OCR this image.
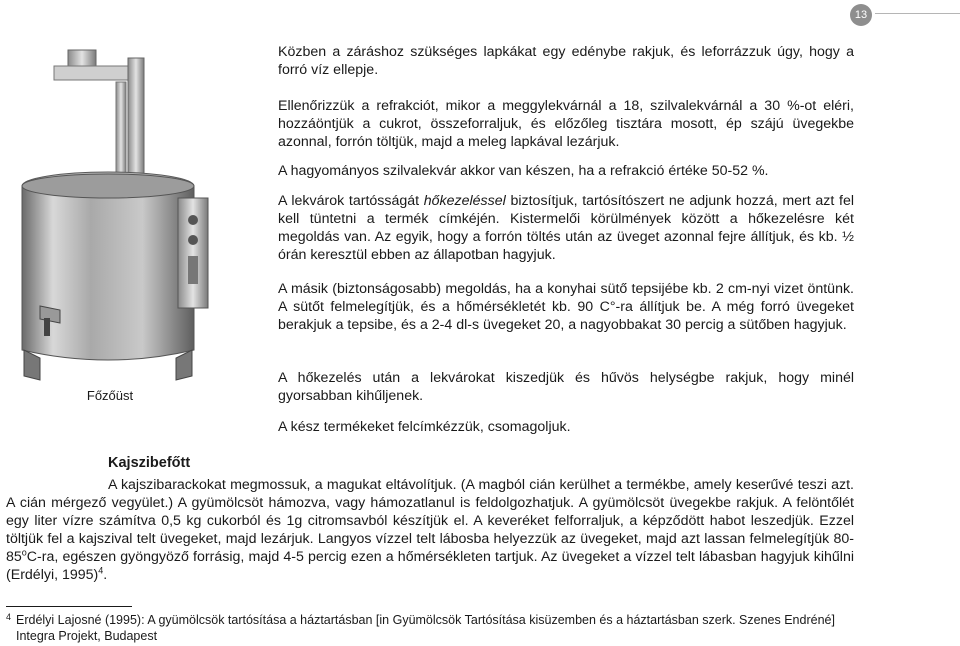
13
Főzőüst

Közben a záráshoz szükséges lapkákat egy edénybe rakjuk, és leforrázzuk úgy, hogy a forró víz ellepje.

Ellenőrizzük a refrakciót, mikor a meggylekvárnál a 18, szilvalekvárnál a 30 %-ot eléri, hozzáöntjük a cukrot, összeforraljuk, és előzőleg tisztára mosott, ép szájú üvegekbe azonnal, forrón töltjük, majd a meleg lapkával lezárjuk.

A hagyományos szilvalekvár akkor van készen, ha a refrakció értéke 50-52 %.

A lekvárok tartósságát hőkezeléssel biztosítjuk, tartósítószert ne adjunk hozzá, mert azt fel kell tüntetni a termék címkéjén. Kistermelői körülmények között a hőkezelésre két megoldás van. Az egyik, hogy a forrón töltés után az üveget azonnal fejre állítjuk, és kb. ½ órán keresztül ebben az állapotban hagyjuk.

A másik (biztonságosabb) megoldás, ha a konyhai sütő tepsijébe kb. 2 cm-nyi vizet öntünk. A sütőt felmelegítjük, és a hőmérsékletét kb. 90 C°-ra állítjuk be. A még forró üvegeket berakjuk a tepsibe, és a 2-4 dl-s üvegeket 20, a nagyobbakat 30 percig a sütőben hagyjuk.

A hőkezelés után a lekvárokat kiszedjük és hűvös helységbe rakjuk, hogy minél gyorsabban kihűljenek.

A kész termékeket felcímkézzük, csomagoljuk.

Kajszibefőtt

A kajszibarackokat megmossuk, a magukat eltávolítjuk. (A magból cián kerülhet a termékbe, amely keserűvé teszi azt. A cián mérgező vegyület.) A gyümölcsöt hámozva, vagy hámozatlanul is feldolgozhatjuk. A gyümölcsöt üvegekbe rakjuk. A felöntőlét egy liter vízre számítva 0,5 kg cukorból és 1g citromsavból készítjük el. A keveréket felforraljuk, a képződött habot leszedjük. Ezzel töltjük fel a kajszival telt üvegeket, majd lezárjuk. Langyos vízzel telt lábosba helyezzük az üvegeket, majd azt lassan felmelegítjük 80-85$^o$C-ra, egészen gyöngyöző forrásig, majd 4-5 percig ezen a hőmérsékleten tartjuk. Az üvegeket a vízzel telt lábasban hagyjuk kihűlni (Erdélyi, 1995)$^4$.

4 Erdélyi Lajosné (1995): A gyümölcsök tartósítása a háztartásban [in Gyümölcsök Tartósítása kisüzemben és a háztartásban szerk. Szenes Endréné] Integra Projekt, Budapest
